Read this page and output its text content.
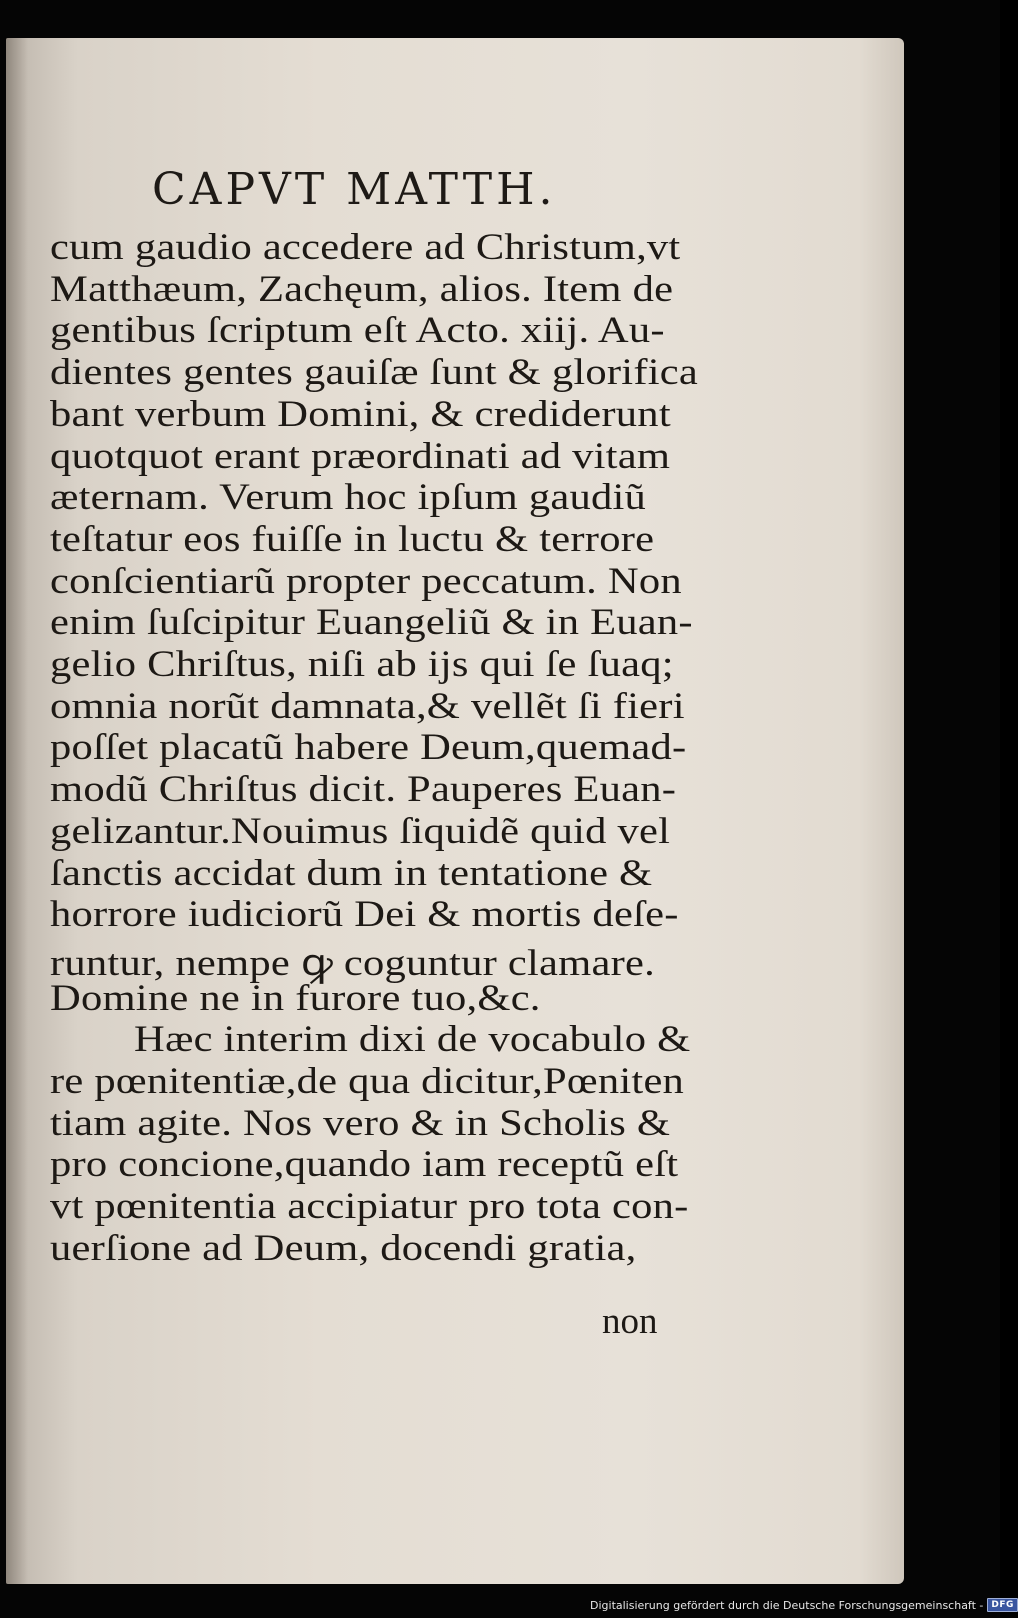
CAPVT MATTH.
cum gaudio accedere ad Christum,vt
Matthæum, Zachęum, alios. Item de
gentibus ſcriptum eſt Acto. xiij. Au-
dientes gentes gauiſæ ſunt & glorifica
bant verbum Domini, & crediderunt
quotquot erant præordinati ad vitam
æternam. Verum hoc ipſum gaudiũ
teſtatur eos fuiſſe in luctu & terrore
conſcientiarũ propter peccatum. Non
enim ſuſcipitur Euangeliũ & in Euan-
gelio Chriſtus, niſi ab ijs qui ſe ſuaq;
omnia norũt damnata,& vellẽt ſi fieri
poſſet placatũ habere Deum,quemad-
modũ Chriſtus dicit. Pauperes Euan-
gelizantur.Nouimus ſiquidẽ quid vel
ſanctis accidat dum in tentatione &
horrore iudiciorũ Dei & mortis deſe-
runtur, nempe ꝙ coguntur clamare.
Domine ne in furore tuo,&c.
Hæc interim dixi de vocabulo &
re pœnitentiæ,de qua dicitur,Pœniten
tiam agite. Nos vero & in Scholis &
pro concione,quando iam receptũ eſt
vt pœnitentia accipiatur pro tota con-
uerſione ad Deum, docendi gratia,
non
Digitalisierung gefördert durch die Deutsche Forschungsgemeinschaft - DFG
